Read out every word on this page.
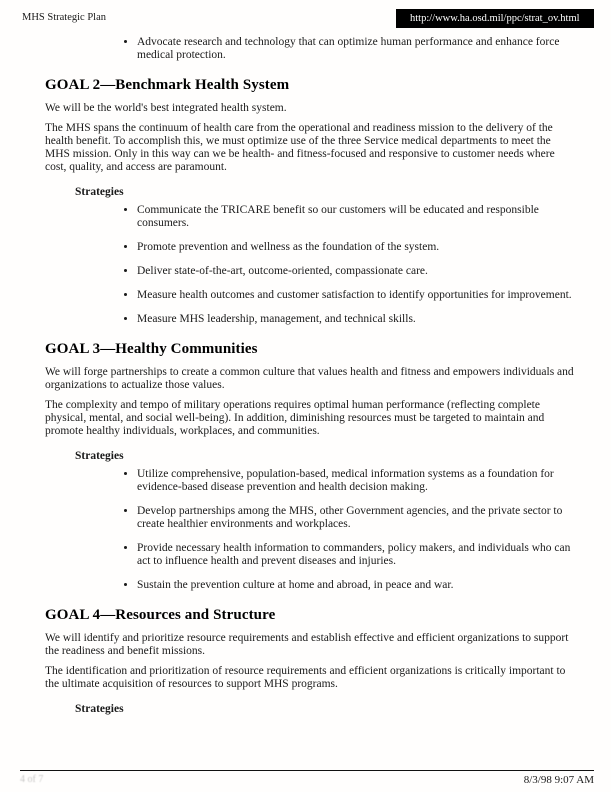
MHS Strategic Plan	http://www.ha.osd.mil/ppc/strat_ov.html
• Advocate research and technology that can optimize human performance and enhance force medical protection.
GOAL 2—Benchmark Health System

We will be the world's best integrated health system.

The MHS spans the continuum of health care from the operational and readiness mission to the delivery of the health benefit. To accomplish this, we must optimize use of the three Service medical departments to meet the MHS mission. Only in this way can we be health- and fitness-focused and responsive to customer needs where cost, quality, and access are paramount.

Strategies
• Communicate the TRICARE benefit so our customers will be educated and responsible consumers.
• Promote prevention and wellness as the foundation of the system.
• Deliver state-of-the-art, outcome-oriented, compassionate care.
• Measure health outcomes and customer satisfaction to identify opportunities for improvement.
• Measure MHS leadership, management, and technical skills.
GOAL 3—Healthy Communities

We will forge partnerships to create a common culture that values health and fitness and empowers individuals and organizations to actualize those values.

The complexity and tempo of military operations requires optimal human performance (reflecting complete physical, mental, and social well-being). In addition, diminishing resources must be targeted to maintain and promote healthy individuals, workplaces, and communities.

Strategies
• Utilize comprehensive, population-based, medical information systems as a foundation for evidence-based disease prevention and health decision making.
• Develop partnerships among the MHS, other Government agencies, and the private sector to create healthier environments and workplaces.
• Provide necessary health information to commanders, policy makers, and individuals who can act to influence health and prevent diseases and injuries.
• Sustain the prevention culture at home and abroad, in peace and war.
GOAL 4—Resources and Structure

We will identify and prioritize resource requirements and establish effective and efficient organizations to support the readiness and benefit missions.

The identification and prioritization of resource requirements and efficient organizations is critically important to the ultimate acquisition of resources to support MHS programs.

Strategies
4 of 7	8/3/98 9:07 AM
